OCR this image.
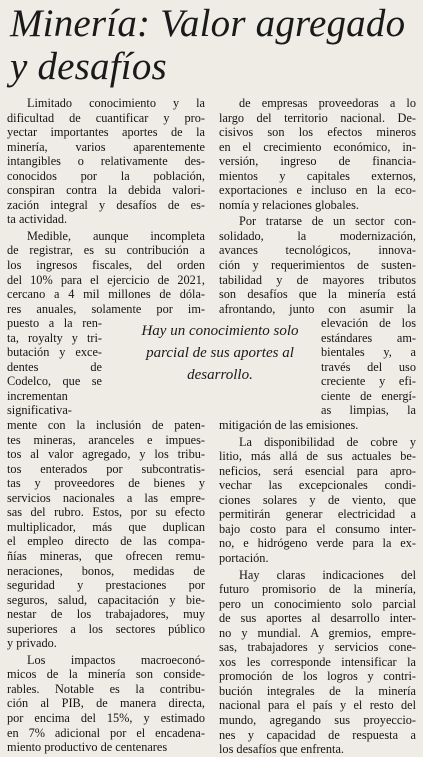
Minería: Valor agregado y desafíos
Limitado conocimiento y la
dificultad de cuantificar y pro-
yectar importantes aportes de la
minería, varios aparentemente
intangibles o relativamente des-
conocidos por la población,
conspiran contra la debida valori-
zación integral y desafíos de es-
ta actividad.
Medible, aunque incompleta
de registrar, es su contribución a
los ingresos fiscales, del orden
del 10% para el ejercicio de 2021,
cercano a 4 mil millones de dóla-
res anuales, solamente por im-
puesto a la ren-
ta, royalty y tri-
butación y exce-
dentes de
Codelco, que se
incrementan
significativa-
mente con la inclusión de paten-
tes mineras, aranceles e impues-
tos al valor agregado, y los tribu-
tos enterados por subcontratis-
tas y proveedores de bienes y
servicios nacionales a las empre-
sas del rubro. Estos, por su efecto
multiplicador, más que duplican
el empleo directo de las compa-
ñías mineras, que ofrecen remu-
neraciones, bonos, medidas de
seguridad y prestaciones por
seguros, salud, capacitación y bie-
nestar de los trabajadores, muy
superiores a los sectores público
y privado.
Los impactos macroeconó-
micos de la minería son conside-
rables. Notable es la contribu-
ción al PIB, de manera directa,
por encima del 15%, y estimado
en 7% adicional por el encadena-
miento productivo de centenares
de empresas proveedoras a lo
largo del territorio nacional. De-
cisivos son los efectos mineros
en el crecimiento económico, in-
versión, ingreso de financia-
mientos y capitales externos,
exportaciones e incluso en la eco-
nomía y relaciones globales.
Por tratarse de un sector con-
solidado, la modernización,
avances tecnológicos, innova-
ción y requerimientos de susten-
tabilidad y de mayores tributos
son desafíos que la minería está
afrontando, junto con asumir la
elevación de los
estándares am-
bientales y, a
través del uso
creciente y efi-
ciente de energí-
as limpias, la
mitigación de las emisiones.
La disponibilidad de cobre y
litio, más allá de sus actuales be-
neficios, será esencial para apro-
vechar las excepcionales condi-
ciones solares y de viento, que
permitirán generar electricidad a
bajo costo para el consumo inter-
no, e hidrógeno verde para la ex-
portación.
Hay claras indicaciones del
futuro promisorio de la minería,
pero un conocimiento solo parcial
de sus aportes al desarrollo inter-
no y mundial. A gremios, empre-
sas, trabajadores y servicios cone-
xos les corresponde intensificar la
promoción de los logros y contri-
bución integrales de la minería
nacional para el país y el resto del
mundo, agregando sus proyeccio-
nes y capacidad de respuesta a
los desafíos que enfrenta.
Hay un conocimiento solo parcial de sus aportes al desarrollo.
